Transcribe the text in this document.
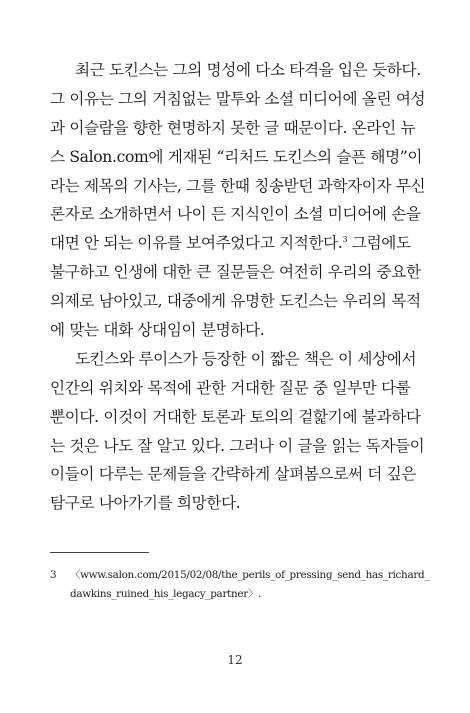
최근 도킨스는 그의 명성에 다소 타격을 입은 듯하다.
그 이유는 그의 거침없는 말투와 소셜 미디어에 올린 여성
과 이슬람을 향한 현명하지 못한 글 때문이다. 온라인 뉴
스 Salon.com에 게재된 “리처드 도킨스의 슬픈 해명”이
라는 제목의 기사는, 그를 한때 칭송받던 과학자이자 무신
론자로 소개하면서 나이 든 지식인이 소셜 미디어에 손을
대면 안 되는 이유를 보여주었다고 지적한다.$^3$ 그럼에도
불구하고 인생에 대한 큰 질문들은 여전히 우리의 중요한
의제로 남아있고, 대중에게 유명한 도킨스는 우리의 목적
에 맞는 대화 상대임이 분명하다.
도킨스와 루이스가 등장한 이 짧은 책은 이 세상에서
인간의 위치와 목적에 관한 거대한 질문 중 일부만 다룰
뿐이다. 이것이 거대한 토론과 토의의 겉핥기에 불과하다
는 것은 나도 잘 알고 있다. 그러나 이 글을 읽는 독자들이
이들이 다루는 문제들을 간략하게 살펴봄으로써 더 깊은
탐구로 나아가기를 희망한다.
3 〈www.salon.com/2015/02/08/the_perils_of_pressing_send_has_richard_
dawkins_ruined_his_legacy_partner〉.
12
